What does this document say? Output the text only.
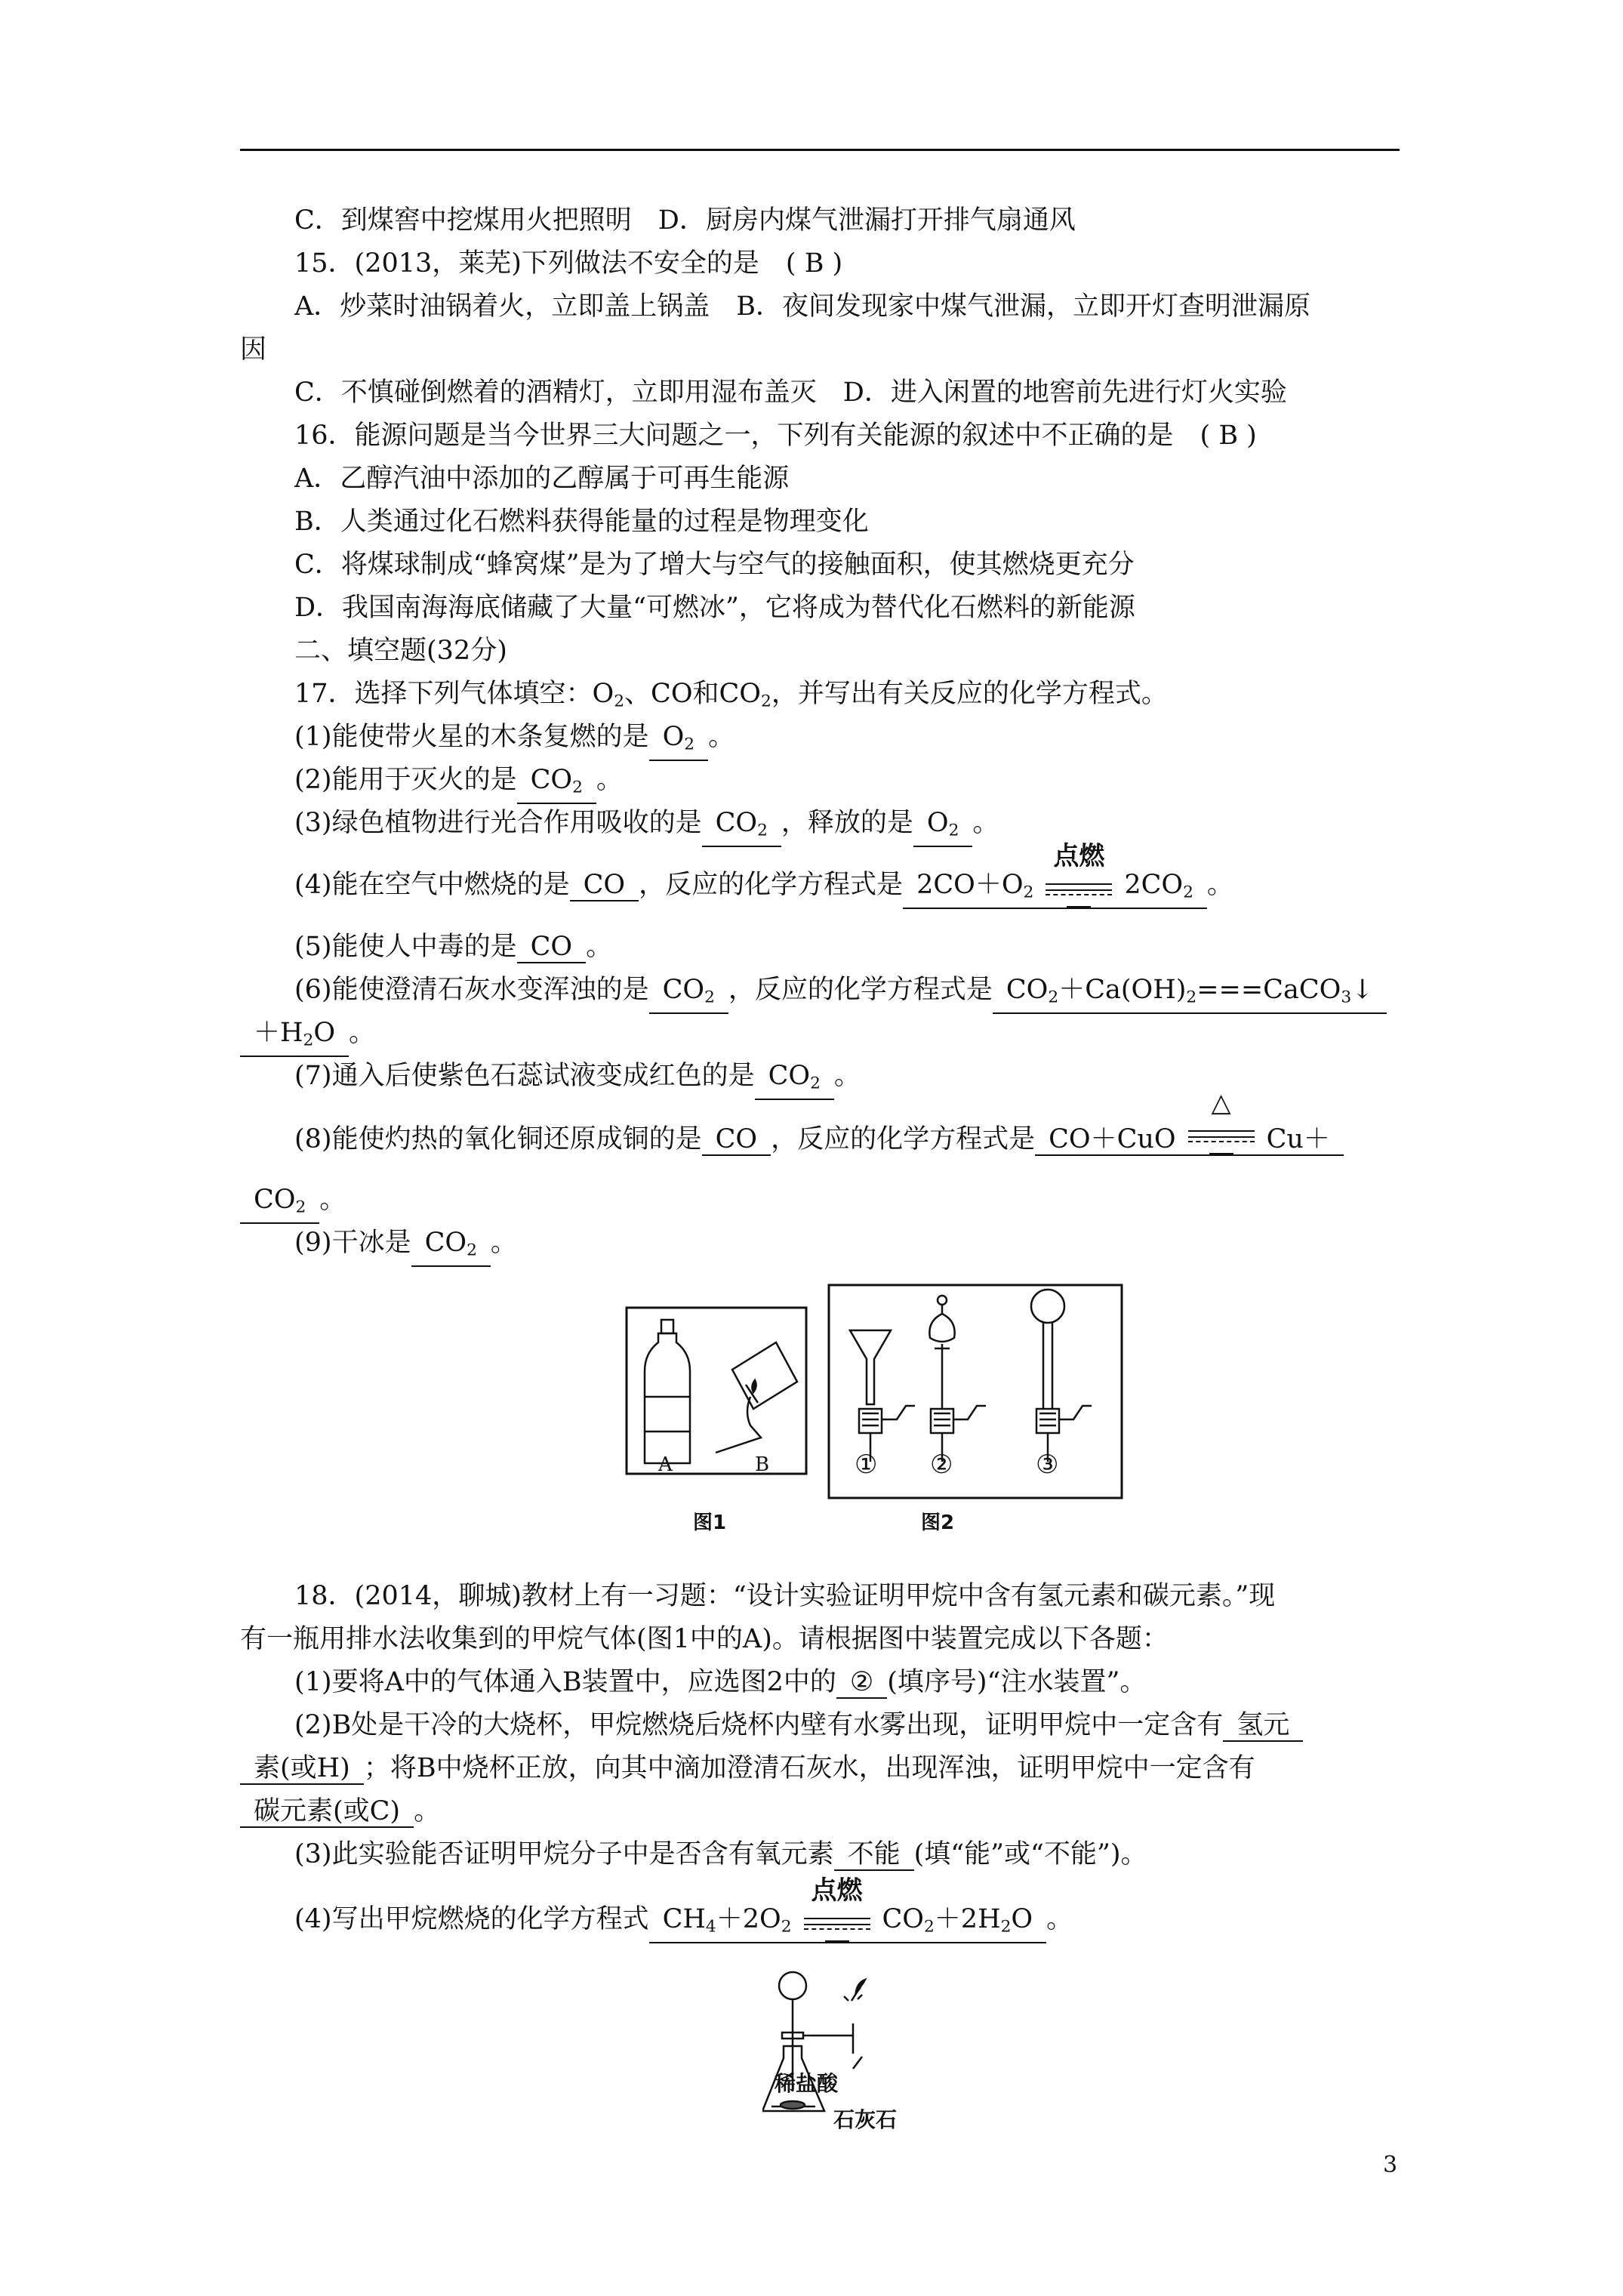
C．到煤窖中挖煤用火把照明　D．厨房内煤气泄漏打开排气扇通风
15．(2013，莱芜)下列做法不安全的是　( B )
A．炒菜时油锅着火，立即盖上锅盖　B．夜间发现家中煤气泄漏，立即开灯查明泄漏原
因
C．不慎碰倒燃着的酒精灯，立即用湿布盖灭　D．进入闲置的地窖前先进行灯火实验
16．能源问题是当今世界三大问题之一，下列有关能源的叙述中不正确的是　( B )
A．乙醇汽油中添加的乙醇属于可再生能源
B．人类通过化石燃料获得能量的过程是物理变化
C．将煤球制成“蜂窝煤”是为了增大与空气的接触面积，使其燃烧更充分
D．我国南海海底储藏了大量“可燃冰”，它将成为替代化石燃料的新能源
二、填空题(32分)
17．选择下列气体填空：$O_2$、CO和$CO_2$，并写出有关反应的化学方程式。
(1)能使带火星的木条复燃的是 $O_2$ 。
(2)能用于灭火的是 $CO_2$ 。
(3)绿色植物进行光合作用吸收的是 $CO_2$ ，释放的是 $O_2$ 。
(4)能在空气中燃烧的是 CO ，反应的化学方程式是 $2CO+O_2$
点燃
$2CO_2$ 。
(5)能使人中毒的是 CO 。
(6)能使澄清石灰水变浑浊的是 $CO_2$ ，反应的化学方程式是 $CO_2+Ca(OH)_2===CaCO_3↓$
$+H_2O$ 。
(7)通入后使紫色石蕊试液变成红色的是 $CO_2$ 。
(8)能使灼热的氧化铜还原成铜的是 CO ，反应的化学方程式是 CO＋CuO
△
Cu＋
$CO_2$ 。
(9)干冰是 $CO_2$ 。
A	B	① ②	③
图1	图2
18．(2014，聊城)教材上有一习题：“设计实验证明甲烷中含有氢元素和碳元素。”现
有一瓶用排水法收集到的甲烷气体(图1中的A)。请根据图中装置完成以下各题：
(1)要将A中的气体通入B装置中，应选图2中的 ② (填序号)“注水装置”。
(2)B处是干冷的大烧杯，甲烷燃烧后烧杯内壁有水雾出现，证明甲烷中一定含有 氢元
素(或H) ；将B中烧杯正放，向其中滴加澄清石灰水，出现浑浊，证明甲烷中一定含有
碳元素(或C) 。
(3)此实验能否证明甲烷分子中是否含有氧元素 不能 (填“能”或“不能”)。
(4)写出甲烷燃烧的化学方程式 $CH_4+2O_2$
点燃
$CO_2+2H_2O$ 。
稀盐酸
石灰石
3
